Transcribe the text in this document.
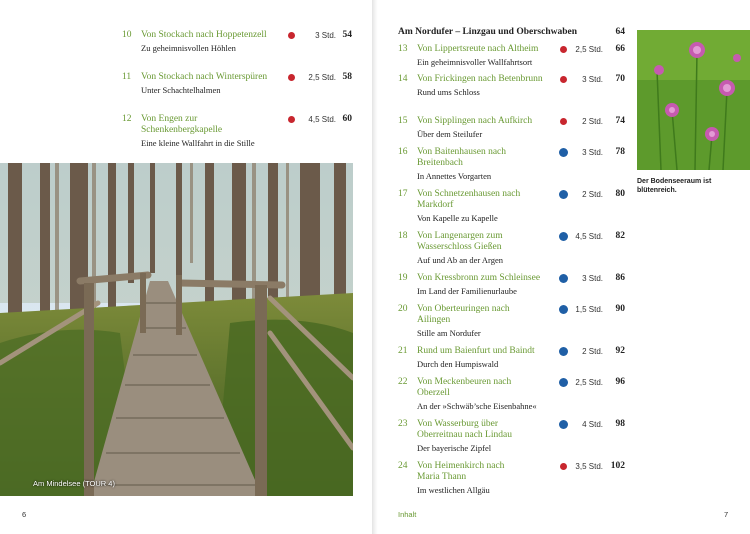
10	Von Stockach nach Hoppetenzell
Zu geheimnisvollen Höhlen
3 Std. 54
11	Von Stockach nach Winterspüren
Unter Schachtelhalmen
2,5 Std. 58
12	Von Engen zur Schenkenbergkapelle
Eine kleine Wallfahrt in die Stille
4,5 Std. 60
Am Mindelsee (TOUR 4)
Am Nordufer – Linzgau und Oberschwaben	64
13	Von Lippertsreute nach Altheim
Ein geheimnisvoller Wallfahrtsort
2,5 Std.	66
14	Von Frickingen nach Betenbrunn
Rund ums Schloss
3 Std.	70
15	Von Sipplingen nach Aufkirch
Über dem Steilufer
2 Std.	74
16	Von Baitenhausen nach Breitenbach
In Annettes Vorgarten
3 Std.	78
17	Von Schnetzenhausen nach Markdorf
Von Kapelle zu Kapelle
2 Std.	80
18	Von Langenargen zum Wasserschloss Gießen
Auf und Ab an der Argen
4,5 Std.	82
19	Von Kressbronn zum Schleinsee
Im Land der Familienurlaube
3 Std.	86
20	Von Oberteuringen nach Ailingen
Stille am Nordufer
1,5 Std.	90
21	Rund um Baienfurt und Baindt
Durch den Humpiswald
2 Std.	92
22	Von Meckenbeuren nach Oberzell
An der »Schwäb’sche Eisenbahne«
2,5 Std.	96
23	Von Wasserburg über Oberreitnau nach Lindau
Der bayerische Zipfel
4 Std.	98
24	Von Heimenkirch nach Maria Thann
Im westlichen Allgäu
3,5 Std. 102
Der Bodenseeraum ist blütenreich.
6	Inhalt	7
